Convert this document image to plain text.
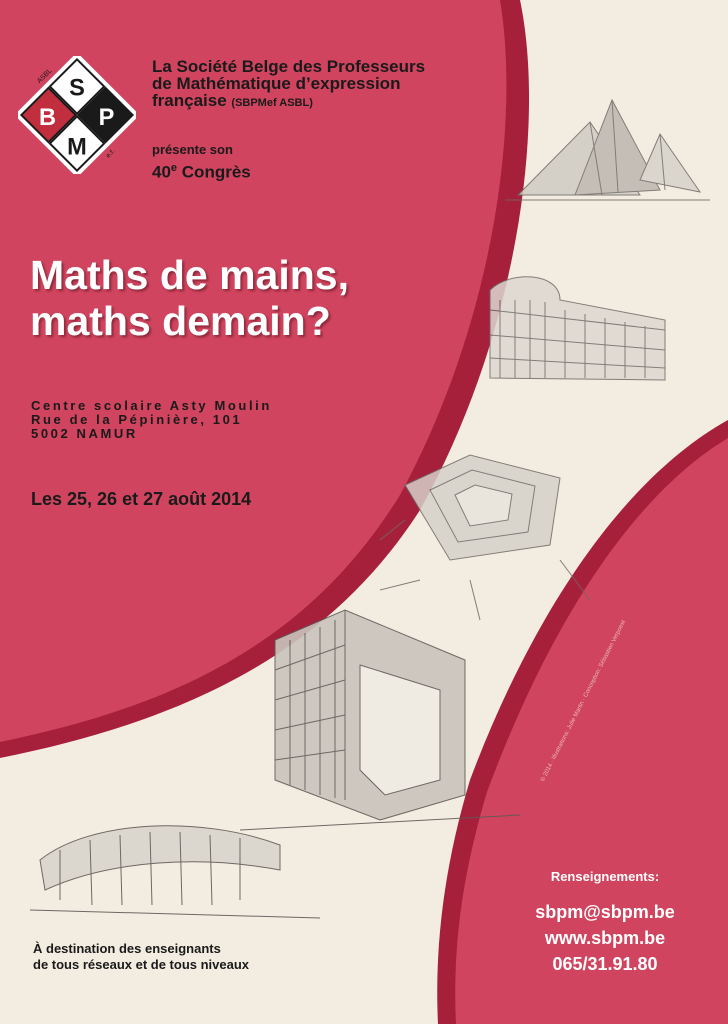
S
B P
M
ASBL
e.f.
La Société Belge des Professeurs
de Mathématique d’expression
française (SBPMef ASBL)
présente son
40e Congrès
Maths de mains,
maths demain?
Centre scolaire Asty Moulin
Rue de la Pépinière, 101
5002 NAMUR
Les 25, 26 et 27 août 2014
À destination des enseignants
de tous réseaux et de tous niveaux
Renseignements:
sbpm@sbpm.be
www.sbpm.be
065/31.91.80
© 2014 · Illustrations: Julie Martin · Conception: Sébastien Verpoest
